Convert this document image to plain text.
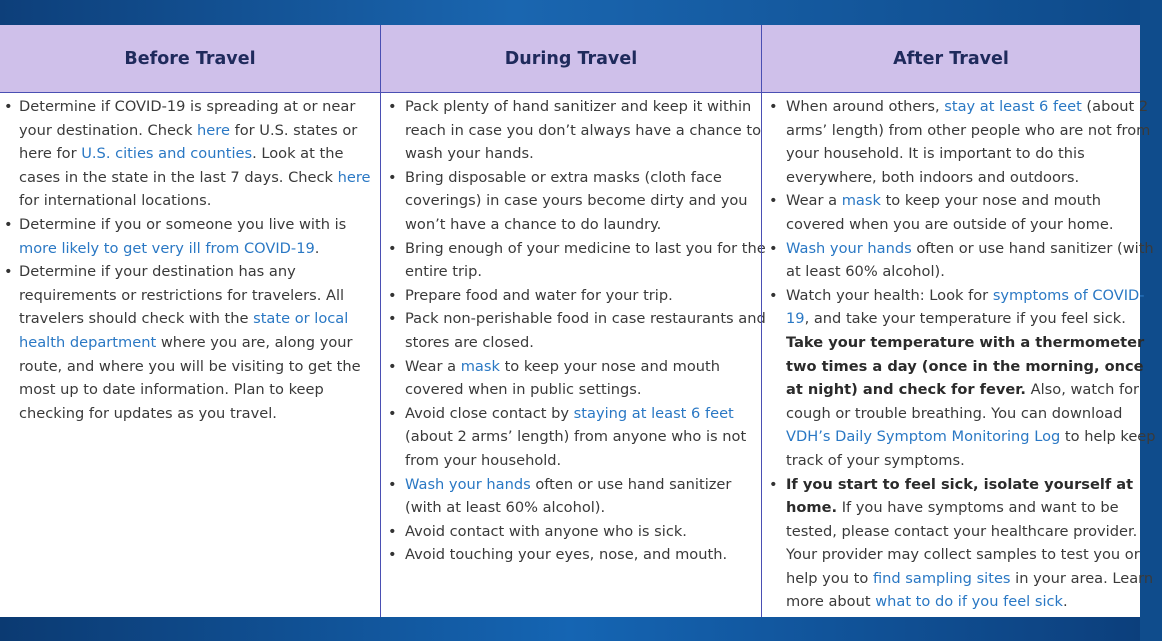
Before Travel
• Determine if COVID-19 is spreading at or near your destination. Check here for U.S. states or here for U.S. cities and counties. Look at the cases in the state in the last 7 days. Check here for international locations.
• Determine if you or someone you live with is more likely to get very ill from COVID-19.
• Determine if your destination has any requirements or restrictions for travelers. All travelers should check with the state or local health department where you are, along your route, and where you will be visiting to get the most up to date information. Plan to keep checking for updates as you travel.
During Travel
• Pack plenty of hand sanitizer and keep it within reach in case you don’t always have a chance to wash your hands.
• Bring disposable or extra masks (cloth face coverings) in case yours become dirty and you won’t have a chance to do laundry.
• Bring enough of your medicine to last you for the entire trip.
• Prepare food and water for your trip.
• Pack non-perishable food in case restaurants and stores are closed.
• Wear a mask to keep your nose and mouth covered when in public settings.
• Avoid close contact by staying at least 6 feet (about 2 arms’ length) from anyone who is not from your household.
• Wash your hands often or use hand sanitizer (with at least 60% alcohol).
• Avoid contact with anyone who is sick.
• Avoid touching your eyes, nose, and mouth.
After Travel
• When around others, stay at least 6 feet (about 2 arms’ length) from other people who are not from your household. It is important to do this everywhere, both indoors and outdoors.
• Wear a mask to keep your nose and mouth covered when you are outside of your home.
• Wash your hands often or use hand sanitizer (with at least 60% alcohol).
• Watch your health: Look for symptoms of COVID-19, and take your temperature if you feel sick. Take your temperature with a thermometer two times a day (once in the morning, once at night) and check for fever. Also, watch for cough or trouble breathing. You can download VDH’s Daily Symptom Monitoring Log to help keep track of your symptoms.
• If you start to feel sick, isolate yourself at home. If you have symptoms and want to be tested, please contact your healthcare provider. Your provider may collect samples to test you or help you to find sampling sites in your area. Learn more about what to do if you feel sick.
